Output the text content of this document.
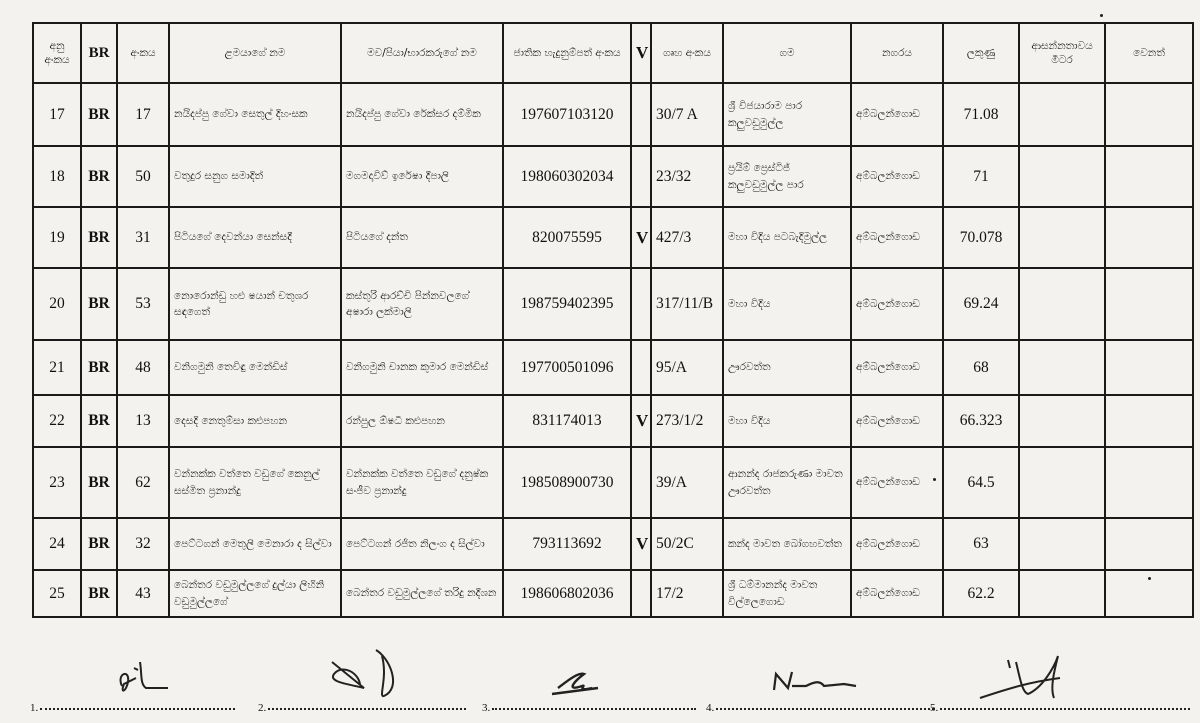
අනු අංකය	BR	අංකය	ළමයාගේ නම	මව/පියා/භාරකරුගේ නම	ජාතික හැදුනුම්පත් අංකය	V	ගෘහ අංකය	ගම	නගරය	ලකුණු	ආසන්නතාවය මීටර	වෙනත්
17	BR	17	නයිදප්පු ගේවා සෙතුල් දිහංසක	නයිදප්පු ගේවා රේක්සර දම්මික	197607103120		30/7 A	ශ්‍රී විජයාරාම පාර කලුවඩුමුල්ල	අම්බලන්ගොඩ	71.08		
18	BR	50	වතුදුර සනුග සමාදිත්	මගමදාවිව් ඉරේෂා දීපාලි	198060302034		23/32	ප්‍රයිම් ප්‍රෙස්ටිජ් කලුවඩුමුල්ල පාර	අම්බලන්ගොඩ	71		
19	BR	31	පිටියගේ දෙවන්යා සෙන්සදී	පිටියගේ දන්ත	820075595	V	427/3	මහා විදිය පටබැදිමුල්ල	අම්බලන්ගොඩ	70.078		
20	BR	53	නොරොන්ඩු හළු ෂයාන් චතුශර සඳගෙත්	කස්තුරි ආරච්චි පින්නවලගේ අෂාරා ලක්මාලි	198759402395		317/11/B	මහා විදිය	අම්බලන්ගොඩ	69.24		
21	BR	48	වනිගමුනි තෙවිඳු මෙන්ඩිස්	වනිගමුනි චානක කුමාර මෙන්ඩිස්	197700501096		95/A	ඌරවත්ත	අම්බලන්ගොඩ	68		
22	BR	13	දෙසදි නෙතුම්සා කළුපහන	රන්පුල ඕෂධී කළුපහන	831174013	V	273/1/2	මහා විදිය	අම්බලන්ගොඩ	66.323		
23	BR	62	වන්නක්ක වත්තෙ වඩුගේ කෙනුල් සස්මිත ප්‍රනාන්දු	වන්නක්ක වත්තෙ වඩුගේ දනුෂ්ක සංජීව ප්‍රනාන්දු	198508900730		39/A	ආනන්ද රාජකරුණා මාවත ඌරවත්ත	අම්බලන්ගොඩ	64.5		
24	BR	32	පෙට්ටගන් මෙතුලි මෙනාරා ද සිල්වා	පෙට්ටගන් රජිත නිලංග ද සිල්වා	793113692	V	50/2C	කන්ද මාවත බෝගහවත්ත	අම්බලන්ගොඩ	63		
25	BR	43	බෙන්තර වඩුමුල්ලගේ දුල්යා ලිහිනි වඩුමුල්ලගේ	බෙන්තර වඩුමුල්ලගේ තරිදු නදීශන	198606802036		17/2	ශ්‍රී ධම්මානන්ද මාවත විල්ලෙගොඩ	අම්බලන්ගොඩ	62.2		
1.	2.	3.	4.	5.
